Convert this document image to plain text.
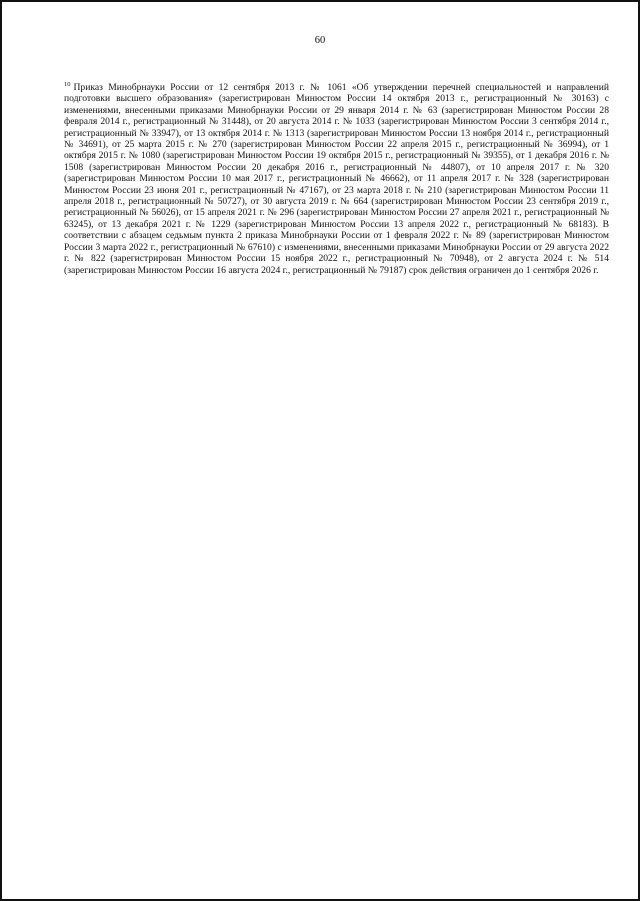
60
$^{10}$ Приказ Минобрнауки России от 12 сентября 2013 г. № 1061 «Об утверждении перечней специальностей и направлений подготовки высшего образования» (зарегистрирован Минюстом России 14 октября 2013 г., регистрационный № 30163) с изменениями, внесенными приказами Минобрнауки России от 29 января 2014 г. № 63 (зарегистрирован Минюстом России 28 февраля 2014 г., регистрационный № 31448), от 20 августа 2014 г. № 1033 (зарегистрирован Минюстом России 3 сентября 2014 г., регистрационный № 33947), от 13 октября 2014 г. № 1313 (зарегистрирован Минюстом России 13 ноября 2014 г., регистрационный № 34691), от 25 марта 2015 г. № 270 (зарегистрирован Минюстом России 22 апреля 2015 г., регистрационный № 36994), от 1 октября 2015 г. № 1080 (зарегистрирован Минюстом России 19 октября 2015 г., регистрационный № 39355), от 1 декабря 2016 г. № 1508 (зарегистрирован Минюстом России 20 декабря 2016 г., регистрационный № 44807), от 10 апреля 2017 г. № 320 (зарегистрирован Минюстом России 10 мая 2017 г., регистрационный № 46662), от 11 апреля 2017 г. № 328 (зарегистрирован Минюстом России 23 июня 201 г., регистрационный № 47167), от 23 марта 2018 г. № 210 (зарегистрирован Минюстом России 11 апреля 2018 г., регистрационный № 50727), от 30 августа 2019 г. № 664 (зарегистрирован Минюстом России 23 сентября 2019 г., регистрационный № 56026), от 15 апреля 2021 г. № 296 (зарегистрирован Минюстом России 27 апреля 2021 г., регистрационный № 63245), от 13 декабря 2021 г. № 1229 (зарегистрирован Минюстом России 13 апреля 2022 г., регистрационный № 68183). В соответствии с абзацем седьмым пункта 2 приказа Минобрнауки России от 1 февраля 2022 г. № 89 (зарегистрирован Минюстом России 3 марта 2022 г., регистрационный № 67610) с изменениями, внесенными приказами Минобрнауки России от 29 августа 2022 г. № 822 (зарегистрирован Минюстом России 15 ноября 2022 г., регистрационный № 70948), от 2 августа 2024 г. № 514 (зарегистрирован Минюстом России 16 августа 2024 г., регистрационный № 79187) срок действия ограничен до 1 сентября 2026 г.
